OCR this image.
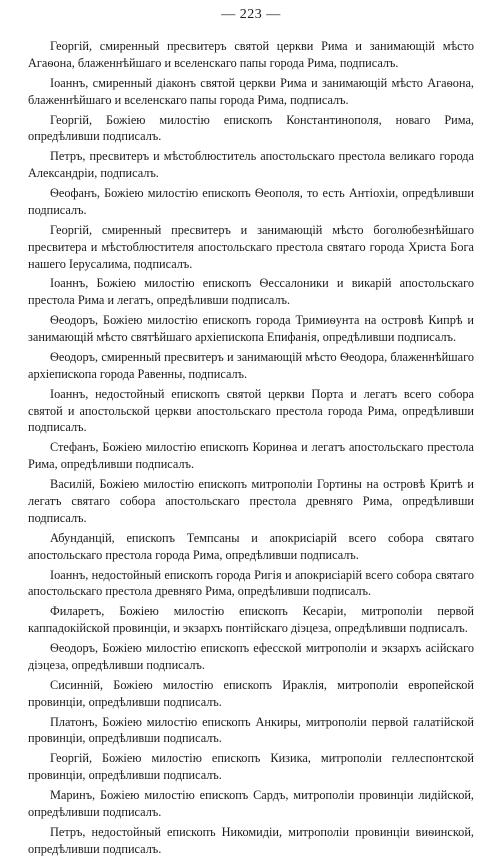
— 223 —

Георгій, смиренный пресвитеръ святой церкви Рима и занимающій мѣсто Агаѳона, блаженнѣйшаго и вселенскаго папы города Рима, подписалъ.

Іоаннъ, смиренный діаконъ святой церкви Рима и занимающій мѣсто Агаѳона, блаженнѣйшаго и вселенскаго папы города Рима, подписалъ.

Георгій, Божіею милостію епископъ Константинополя, новаго Рима, опредѣливши подписалъ.

Петръ, пресвитеръ и мѣстоблюститель апостольскаго престола великаго города Александріи, подписалъ.

Ѳеофанъ, Божіею милостію епископъ Ѳеополя, то есть Антіохіи, опредѣливши подписалъ.

Георгій, смиренный пресвитеръ и занимающій мѣсто боголюбезнѣйшаго пресвитера и мѣстоблюстителя апостольскаго престола святаго города Христа Бога нашего Іерусалима, подписалъ.

Іоаннъ, Божіею милостію епископъ Ѳессалоники и викарій апостольскаго престола Рима и легатъ, опредѣливши подписалъ.

Ѳеодоръ, Божіею милостію епископъ города Тримиѳунта на островѣ Кипрѣ и занимающій мѣсто святѣйшаго архіепископа Епифанія, опредѣливши подписалъ.

Ѳеодоръ, смиренный пресвитеръ и занимающій мѣсто Ѳеодора, блаженнѣйшаго архіепископа города Равенны, подписалъ.

Іоаннъ, недостойный епископъ святой церкви Порта и легатъ всего собора святой и апостольской церкви апостольскаго престола города Рима, опредѣливши подписалъ.

Стефанъ, Божіею милостію епископъ Коринѳа и легатъ апостольскаго престола Рима, опредѣливши подписалъ.

Василій, Божіею милостію епископъ митрополіи Гортины на островѣ Критѣ и легатъ святаго собора апостольскаго престола древняго Рима, опредѣливши подписалъ.

Абунданцій, епископъ Темпсаны и апокрисіарій всего собора святаго апостольскаго престола города Рима, опредѣливши подписалъ.

Іоаннъ, недостойный епископъ города Ригія и апокрисіарій всего собора святаго апостольскаго престола древняго Рима, опредѣливши подписалъ.

Филаретъ, Божіею милостію епископъ Кесаріи, митрополіи первой каппадокійской провинціи, и экзархъ понтійскаго діэцеза, опредѣливши подписалъ.

Ѳеодоръ, Божіею милостію епископъ ефесской митрополіи и экзархъ асійскаго діэцеза, опредѣливши подписалъ.

Сисинній, Божіею милостію епископъ Ираклія, митрополіи европейской провинціи, опредѣливши подписалъ.

Платонъ, Божіею милостію епископъ Анкиры, митрополіи первой галатійской провинціи, опредѣливши подписалъ.

Георгій, Божіею милостію епископъ Кизика, митрополіи геллеспонтской провинціи, опредѣливши подписалъ.

Маринъ, Божіею милостію епископъ Сардъ, митрополіи провинціи лидійской, опредѣливши подписалъ.

Петръ, недостойный епископъ Никомидіи, митрополіи провинціи виѳинской, опредѣливши подписалъ.
